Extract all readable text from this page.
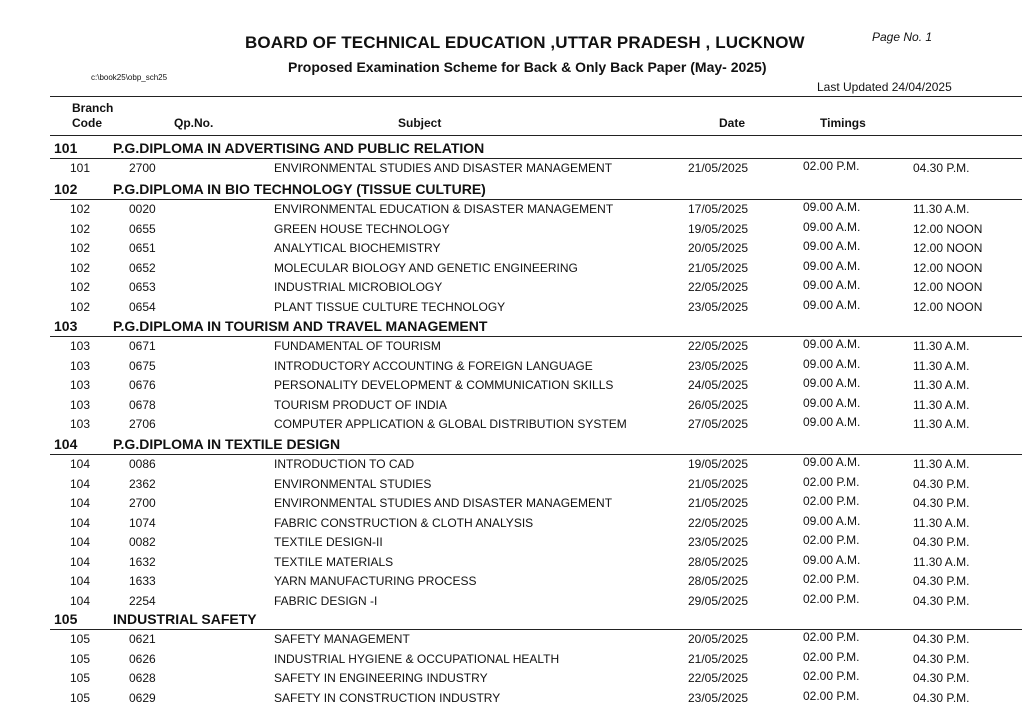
BOARD OF TECHNICAL EDUCATION ,UTTAR PRADESH , LUCKNOW	Page No. 1
Proposed Examination Scheme for Back & Only Back Paper (May- 2025)
c:\book25\obp_sch25
Last Updated 24/04/2025
Branch
Code	Qp.No.	Subject	Date	Timings
101	P.G.DIPLOMA IN ADVERTISING AND PUBLIC RELATION
101	2700	ENVIRONMENTAL STUDIES AND DISASTER MANAGEMENT	21/05/2025	02.00 P.M.	04.30 P.M.
102	P.G.DIPLOMA IN BIO TECHNOLOGY (TISSUE CULTURE)
102	0020	ENVIRONMENTAL EDUCATION & DISASTER MANAGEMENT	17/05/2025	09.00 A.M.	11.30 A.M.
102	0655	GREEN HOUSE TECHNOLOGY	19/05/2025	09.00 A.M.	12.00 NOON
102	0651	ANALYTICAL BIOCHEMISTRY	20/05/2025	09.00 A.M.	12.00 NOON
102	0652	MOLECULAR BIOLOGY AND GENETIC ENGINEERING	21/05/2025	09.00 A.M.	12.00 NOON
102	0653	INDUSTRIAL MICROBIOLOGY	22/05/2025	09.00 A.M.	12.00 NOON
102	0654	PLANT TISSUE CULTURE TECHNOLOGY	23/05/2025	09.00 A.M.	12.00 NOON
103	P.G.DIPLOMA IN TOURISM AND TRAVEL MANAGEMENT
103	0671	FUNDAMENTAL OF TOURISM	22/05/2025	09.00 A.M.	11.30 A.M.
103	0675	INTRODUCTORY ACCOUNTING & FOREIGN LANGUAGE	23/05/2025	09.00 A.M.	11.30 A.M.
103	0676	PERSONALITY DEVELOPMENT & COMMUNICATION SKILLS	24/05/2025	09.00 A.M.	11.30 A.M.
103	0678	TOURISM PRODUCT OF INDIA	26/05/2025	09.00 A.M.	11.30 A.M.
103	2706	COMPUTER APPLICATION & GLOBAL DISTRIBUTION SYSTEM	27/05/2025	09.00 A.M.	11.30 A.M.
104	P.G.DIPLOMA IN TEXTILE DESIGN
104	0086	INTRODUCTION TO CAD	19/05/2025	09.00 A.M.	11.30 A.M.
104	2362	ENVIRONMENTAL STUDIES	21/05/2025	02.00 P.M.	04.30 P.M.
104	2700	ENVIRONMENTAL STUDIES AND DISASTER MANAGEMENT	21/05/2025	02.00 P.M.	04.30 P.M.
104	1074	FABRIC CONSTRUCTION & CLOTH ANALYSIS	22/05/2025	09.00 A.M.	11.30 A.M.
104	0082	TEXTILE DESIGN-II	23/05/2025	02.00 P.M.	04.30 P.M.
104	1632	TEXTILE MATERIALS	28/05/2025	09.00 A.M.	11.30 A.M.
104	1633	YARN MANUFACTURING PROCESS	28/05/2025	02.00 P.M.	04.30 P.M.
104	2254	FABRIC DESIGN -I	29/05/2025	02.00 P.M.	04.30 P.M.
105	INDUSTRIAL SAFETY
105	0621	SAFETY MANAGEMENT	20/05/2025	02.00 P.M.	04.30 P.M.
105	0626	INDUSTRIAL HYGIENE & OCCUPATIONAL HEALTH	21/05/2025	02.00 P.M.	04.30 P.M.
105	0628	SAFETY IN ENGINEERING INDUSTRY	22/05/2025	02.00 P.M.	04.30 P.M.
105	0629	SAFETY IN CONSTRUCTION INDUSTRY	23/05/2025	02.00 P.M.	04.30 P.M.
